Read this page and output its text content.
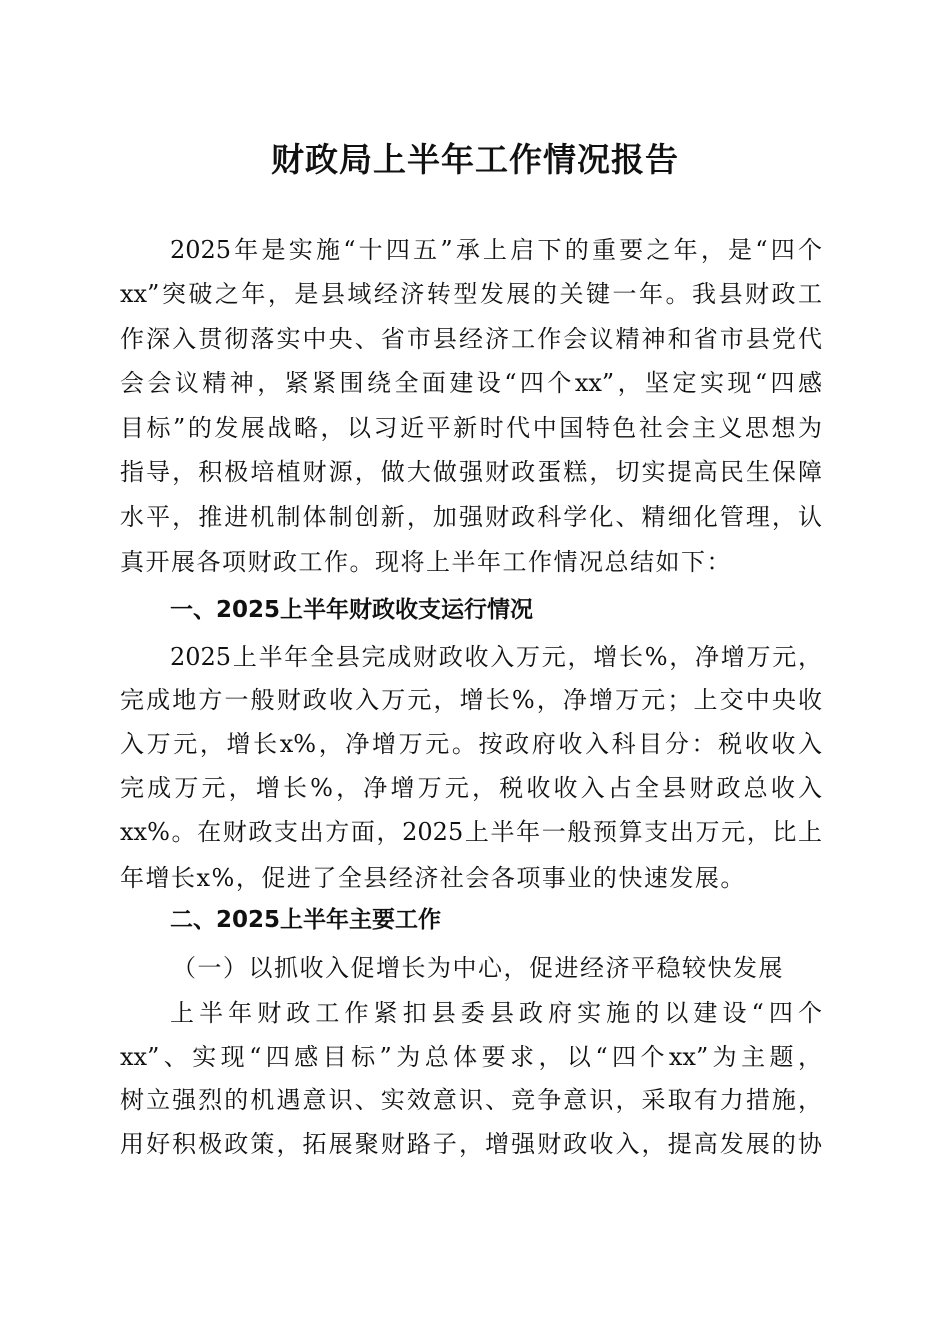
财政局上半年工作情况报告
2025年是实施“十四五”承上启下的重要之年，是“四个
xx”突破之年，是县域经济转型发展的关键一年。我县财政工
作深入贯彻落实中央、省市县经济工作会议精神和省市县党代
会会议精神，紧紧围绕全面建设“四个xx”，坚定实现“四感
目标”的发展战略，以习近平新时代中国特色社会主义思想为
指导，积极培植财源，做大做强财政蛋糕，切实提高民生保障
水平，推进机制体制创新，加强财政科学化、精细化管理，认
真开展各项财政工作。现将上半年工作情况总结如下：
一、2025上半年财政收支运行情况
2025上半年全县完成财政收入万元，增长%，净增万元，
完成地方一般财政收入万元，增长%，净增万元；上交中央收
入万元，增长x%，净增万元。按政府收入科目分：税收收入
完成万元，增长%，净增万元，税收收入占全县财政总收入
xx%。在财政支出方面，2025上半年一般预算支出万元，比上
年增长x%，促进了全县经济社会各项事业的快速发展。
二、2025上半年主要工作
（一）以抓收入促增长为中心，促进经济平稳较快发展
上半年财政工作紧扣县委县政府实施的以建设“四个
xx”、实现“四感目标”为总体要求，以“四个xx”为主题，
树立强烈的机遇意识、实效意识、竞争意识，采取有力措施，
用好积极政策，拓展聚财路子，增强财政收入，提高发展的协
